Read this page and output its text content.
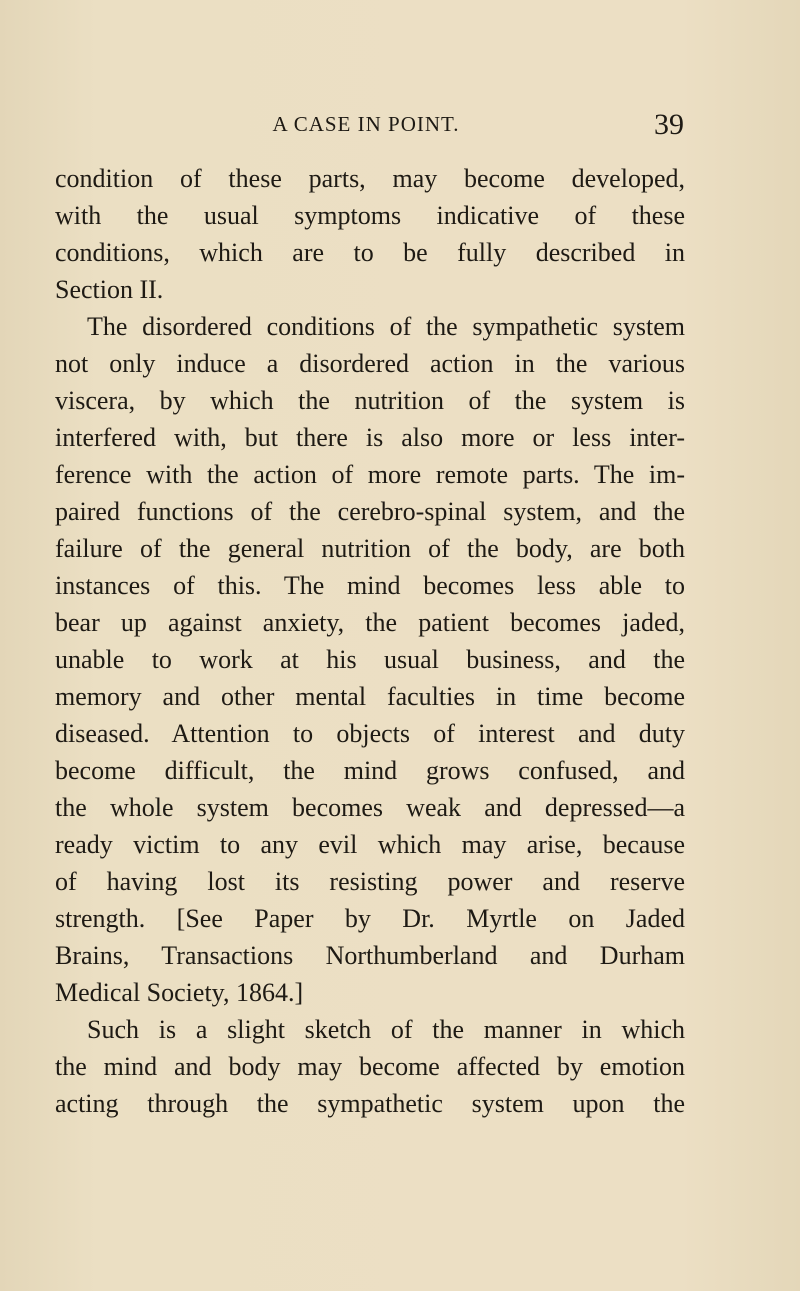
A CASE IN POINT.	39
condition of these parts, may become developed,
with the usual symptoms indicative of these
conditions, which are to be fully described in
Section II.
The disordered conditions of the sympathetic system
not only induce a disordered action in the various
viscera, by which the nutrition of the system is
interfered with, but there is also more or less inter-
ference with the action of more remote parts. The im-
paired functions of the cerebro-spinal system, and the
failure of the general nutrition of the body, are both
instances of this. The mind becomes less able to
bear up against anxiety, the patient becomes jaded,
unable to work at his usual business, and the
memory and other mental faculties in time become
diseased. Attention to objects of interest and duty
become difficult, the mind grows confused, and
the whole system becomes weak and depressed—a
ready victim to any evil which may arise, because
of having lost its resisting power and reserve
strength. [See Paper by Dr. Myrtle on Jaded
Brains, Transactions Northumberland and Durham
Medical Society, 1864.]
Such is a slight sketch of the manner in which
the mind and body may become affected by emotion
acting through the sympathetic system upon the
